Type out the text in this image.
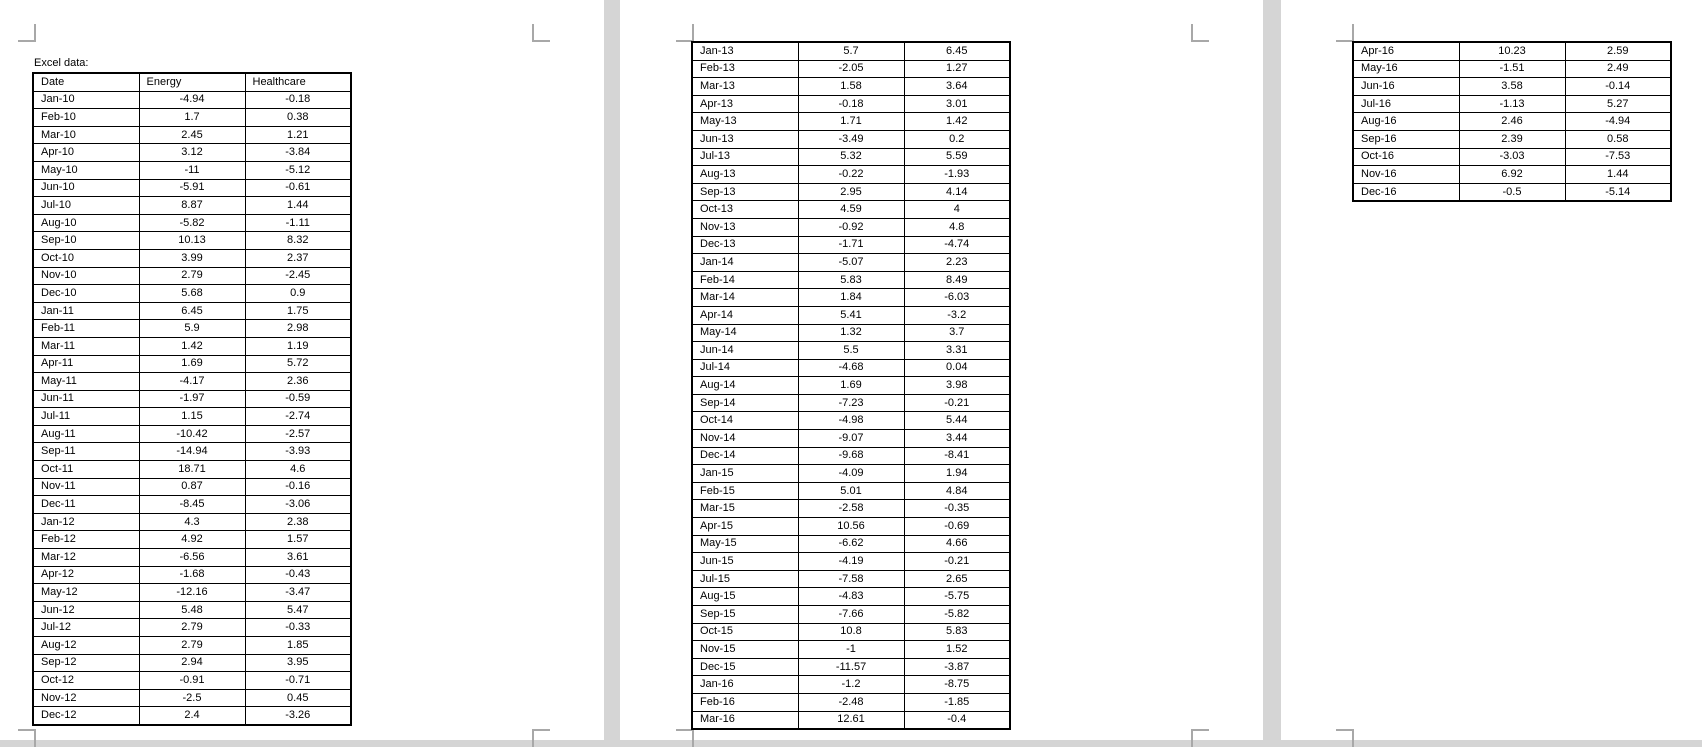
Excel data:
Date	Energy	Healthcare
Jan-10	-4.94	-0.18
Feb-10	1.7	0.38
Mar-10	2.45	1.21
Apr-10	3.12	-3.84
May-10	-11	-5.12
Jun-10	-5.91	-0.61
Jul-10	8.87	1.44
Aug-10	-5.82	-1.11
Sep-10	10.13	8.32
Oct-10	3.99	2.37
Nov-10	2.79	-2.45
Dec-10	5.68	0.9
Jan-11	6.45	1.75
Feb-11	5.9	2.98
Mar-11	1.42	1.19
Apr-11	1.69	5.72
May-11	-4.17	2.36
Jun-11	-1.97	-0.59
Jul-11	1.15	-2.74
Aug-11	-10.42	-2.57
Sep-11	-14.94	-3.93
Oct-11	18.71	4.6
Nov-11	0.87	-0.16
Dec-11	-8.45	-3.06
Jan-12	4.3	2.38
Feb-12	4.92	1.57
Mar-12	-6.56	3.61
Apr-12	-1.68	-0.43
May-12	-12.16	-3.47
Jun-12	5.48	5.47
Jul-12	2.79	-0.33
Aug-12	2.79	1.85
Sep-12	2.94	3.95
Oct-12	-0.91	-0.71
Nov-12	-2.5	0.45
Dec-12	2.4	-3.26
Jan-13	5.7	6.45
Feb-13	-2.05	1.27
Mar-13	1.58	3.64
Apr-13	-0.18	3.01
May-13	1.71	1.42
Jun-13	-3.49	0.2
Jul-13	5.32	5.59
Aug-13	-0.22	-1.93
Sep-13	2.95	4.14
Oct-13	4.59	4
Nov-13	-0.92	4.8
Dec-13	-1.71	-4.74
Jan-14	-5.07	2.23
Feb-14	5.83	8.49
Mar-14	1.84	-6.03
Apr-14	5.41	-3.2
May-14	1.32	3.7
Jun-14	5.5	3.31
Jul-14	-4.68	0.04
Aug-14	1.69	3.98
Sep-14	-7.23	-0.21
Oct-14	-4.98	5.44
Nov-14	-9.07	3.44
Dec-14	-9.68	-8.41
Jan-15	-4.09	1.94
Feb-15	5.01	4.84
Mar-15	-2.58	-0.35
Apr-15	10.56	-0.69
May-15	-6.62	4.66
Jun-15	-4.19	-0.21
Jul-15	-7.58	2.65
Aug-15	-4.83	-5.75
Sep-15	-7.66	-5.82
Oct-15	10.8	5.83
Nov-15	-1	1.52
Dec-15	-11.57	-3.87
Jan-16	-1.2	-8.75
Feb-16	-2.48	-1.85
Mar-16	12.61	-0.4
Apr-16	10.23	2.59
May-16	-1.51	2.49
Jun-16	3.58	-0.14
Jul-16	-1.13	5.27
Aug-16	2.46	-4.94
Sep-16	2.39	0.58
Oct-16	-3.03	-7.53
Nov-16	6.92	1.44
Dec-16	-0.5	-5.14
